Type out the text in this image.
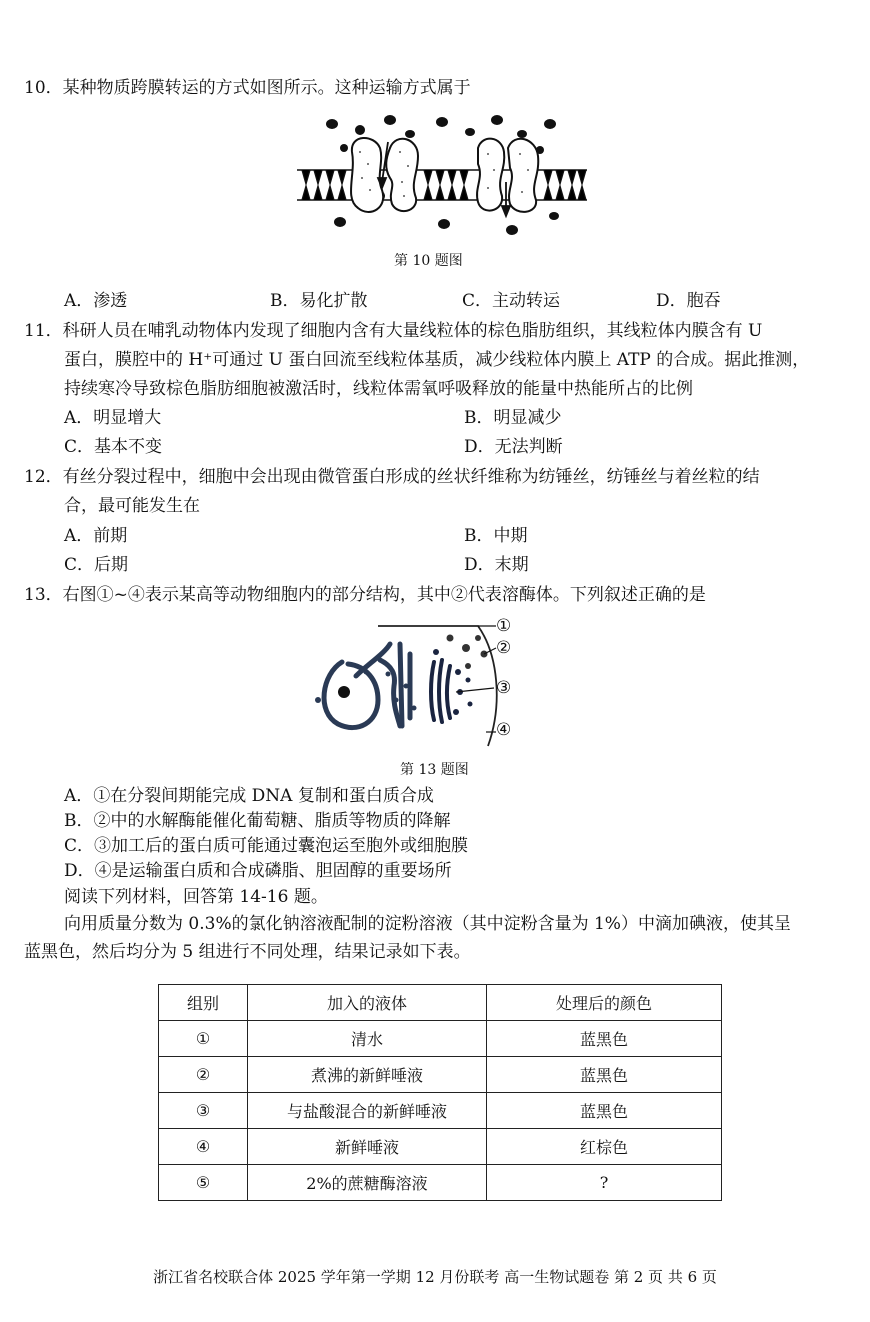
10．某种物质跨膜转运的方式如图所示。这种运输方式属于
第 10 题图
A．渗透	B．易化扩散	C．主动转运	D．胞吞
11．科研人员在哺乳动物体内发现了细胞内含有大量线粒体的棕色脂肪组织，其线粒体内膜含有 U
蛋白，膜腔中的 H⁺可通过 U 蛋白回流至线粒体基质，减少线粒体内膜上 ATP 的合成。据此推测，
持续寒冷导致棕色脂肪细胞被激活时，线粒体需氧呼吸释放的能量中热能所占的比例
A．明显增大	B．明显减少
C．基本不变	D．无法判断
12．有丝分裂过程中，细胞中会出现由微管蛋白形成的丝状纤维称为纺锤丝，纺锤丝与着丝粒的结
合，最可能发生在
A．前期	B．中期
C．后期	D．末期
13．右图①~④表示某高等动物细胞内的部分结构，其中②代表溶酶体。下列叙述正确的是
①
②
③
④
第 13 题图
A．①在分裂间期能完成 DNA 复制和蛋白质合成
B．②中的水解酶能催化葡萄糖、脂质等物质的降解
C．③加工后的蛋白质可能通过囊泡运至胞外或细胞膜
D．④是运输蛋白质和合成磷脂、胆固醇的重要场所
阅读下列材料，回答第 14-16 题。
向用质量分数为 0.3%的氯化钠溶液配制的淀粉溶液（其中淀粉含量为 1%）中滴加碘液，使其呈
蓝黑色，然后均分为 5 组进行不同处理，结果记录如下表。
组别	加入的液体	处理后的颜色
①	清水	蓝黑色
②	煮沸的新鲜唾液	蓝黑色
③	与盐酸混合的新鲜唾液	蓝黑色
④	新鲜唾液	红棕色
⑤	2%的蔗糖酶溶液	?
浙江省名校联合体 2025 学年第一学期 12 月份联考 高一生物试题卷 第 2 页 共 6 页
